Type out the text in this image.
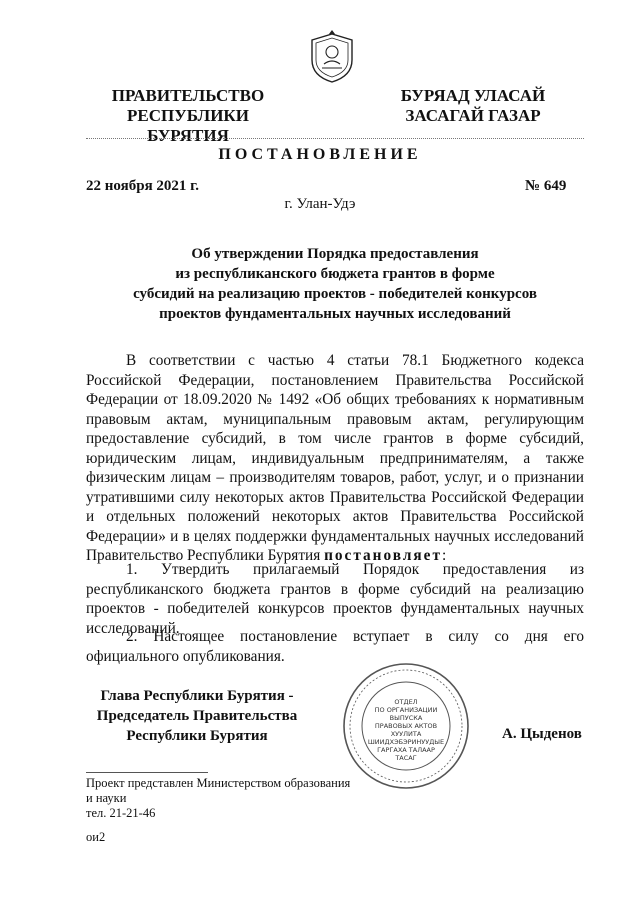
ПРАВИТЕЛЬСТВО
РЕСПУБЛИКИ БУРЯТИЯ
БУРЯАД УЛАСАЙ
ЗАСАГАЙ ГАЗАР
ПОСТАНОВЛЕНИЕ
22 ноября 2021 г.	№ 649
г. Улан-Удэ
Об утверждении Порядка предоставления
из республиканского бюджета грантов в форме
субсидий на реализацию проектов - победителей конкурсов
проектов фундаментальных научных исследований
В соответствии с частью 4 статьи 78.1 Бюджетного кодекса Российской Федерации, постановлением Правительства Российской Федерации от 18.09.2020 № 1492 «Об общих требованиях к нормативным правовым актам, муниципальным правовым актам, регулирующим предоставление субсидий, в том числе грантов в форме субсидий, юридическим лицам, индивидуальным предпринимателям, а также физическим лицам – производителям товаров, работ, услуг, и о признании утратившими силу некоторых актов Правительства Российской Федерации и отдельных положений некоторых актов Правительства Российской Федерации» и в целях поддержки фундаментальных научных исследований Правительство Республики Бурятия постановляет:
1. Утвердить прилагаемый Порядок предоставления из республиканского бюджета грантов в форме субсидий на реализацию проектов - победителей конкурсов проектов фундаментальных научных исследований.
2. Настоящее постановление вступает в силу со дня его официального опубликования.
ОТДЕЛ
ПО ОРГАНИЗАЦИИ
ВЫПУСКА
ПРАВОВЫХ АКТОВ
ХУУЛИТА
ШИИДХЭБЭРИНУУДЫЕ
ГАРГАХА ТАЛААР
ТАСАГ
Глава Республики Бурятия -
Председатель Правительства
Республики Бурятия	А. Цыденов
Проект представлен Министерством образования
и науки
тел. 21-21-46
ои2
